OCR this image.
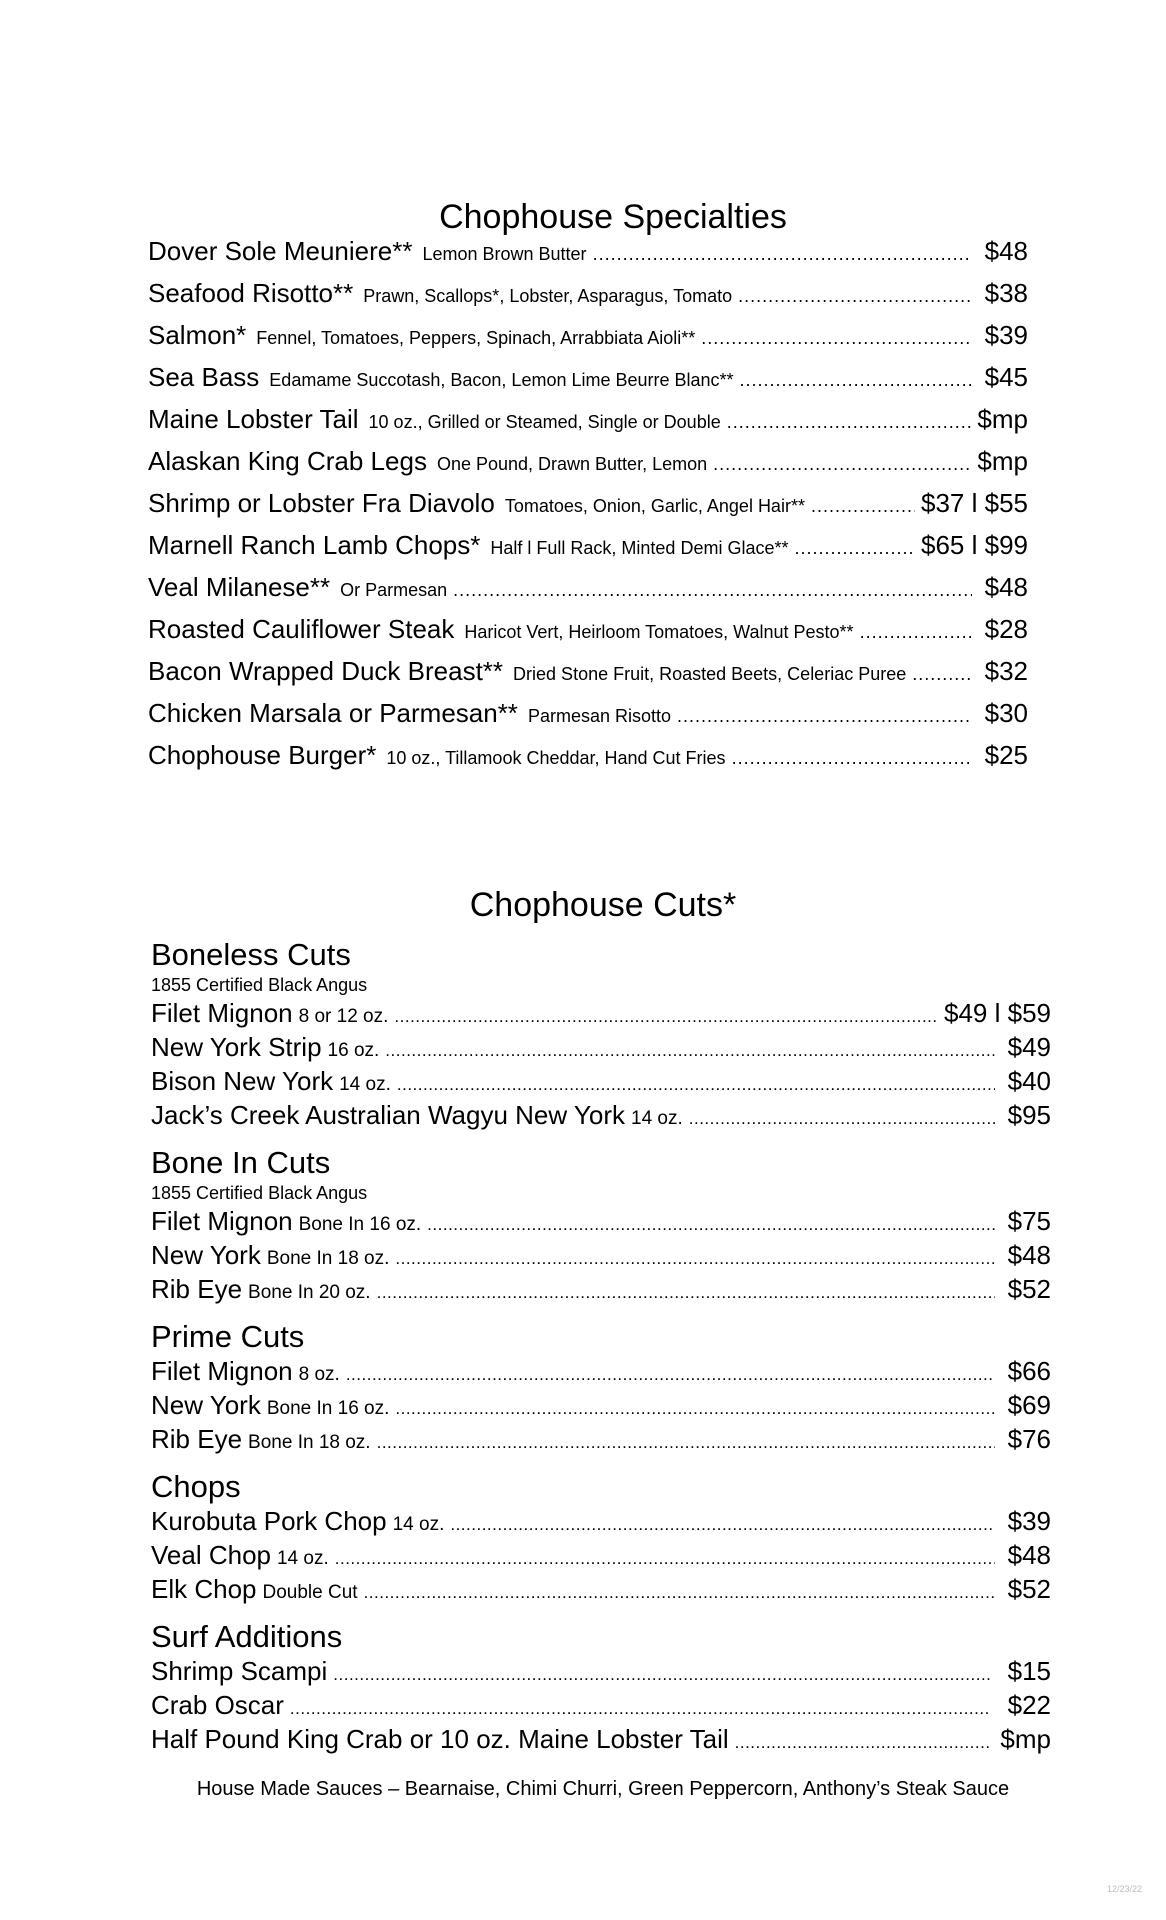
Chophouse Specialties
Dover Sole Meuniere** Lemon Brown Butter .....	$48
Seafood Risotto** Prawn, Scallops*, Lobster, Asparagus, Tomato .....	$38
Salmon* Fennel, Tomatoes, Peppers, Spinach, Arrabbiata Aioli** .....	$39
Sea Bass Edamame Succotash, Bacon, Lemon Lime Beurre Blanc** .....	$45
Maine Lobster Tail 10 oz., Grilled or Steamed, Single or Double .....	$mp
Alaskan King Crab Legs One Pound, Drawn Butter, Lemon .....	$mp
Shrimp or Lobster Fra Diavolo Tomatoes, Onion, Garlic, Angel Hair** .....	$37 l $55
Marnell Ranch Lamb Chops* Half l Full Rack, Minted Demi Glace** .....	$65 l $99
Veal Milanese** Or Parmesan .....	$48
Roasted Cauliflower Steak Haricot Vert, Heirloom Tomatoes, Walnut Pesto** .....	$28
Bacon Wrapped Duck Breast** Dried Stone Fruit, Roasted Beets, Celeriac Puree .....	$32
Chicken Marsala or Parmesan** Parmesan Risotto .....	$30
Chophouse Burger* 10 oz., Tillamook Cheddar, Hand Cut Fries .....	$25
Chophouse Cuts*
Boneless Cuts

1855 Certified Black Angus

Filet Mignon 8 or 12 oz. .....	$49 l $59
New York Strip 16 oz. .....	$49
Bison New York 14 oz. .....	$40
Jack’s Creek Australian Wagyu New York 14 oz. .....	$95
Bone In Cuts

1855 Certified Black Angus

Filet Mignon Bone In 16 oz. .....	$75
New York Bone In 18 oz. .....	$48
Rib Eye Bone In 20 oz. .....	$52
Prime Cuts
Filet Mignon 8 oz. .....	$66
New York Bone In 16 oz. .....	$69
Rib Eye Bone In 18 oz. .....	$76
Chops
Kurobuta Pork Chop 14 oz. .....	$39
Veal Chop 14 oz. .....	$48
Elk Chop Double Cut .....	$52
Surf Additions
Shrimp Scampi .....	$15
Crab Oscar .....	$22
Half Pound King Crab or 10 oz. Maine Lobster Tail .....	$mp
House Made Sauces – Bearnaise, Chimi Churri, Green Peppercorn, Anthony’s Steak Sauce
12/23/22
